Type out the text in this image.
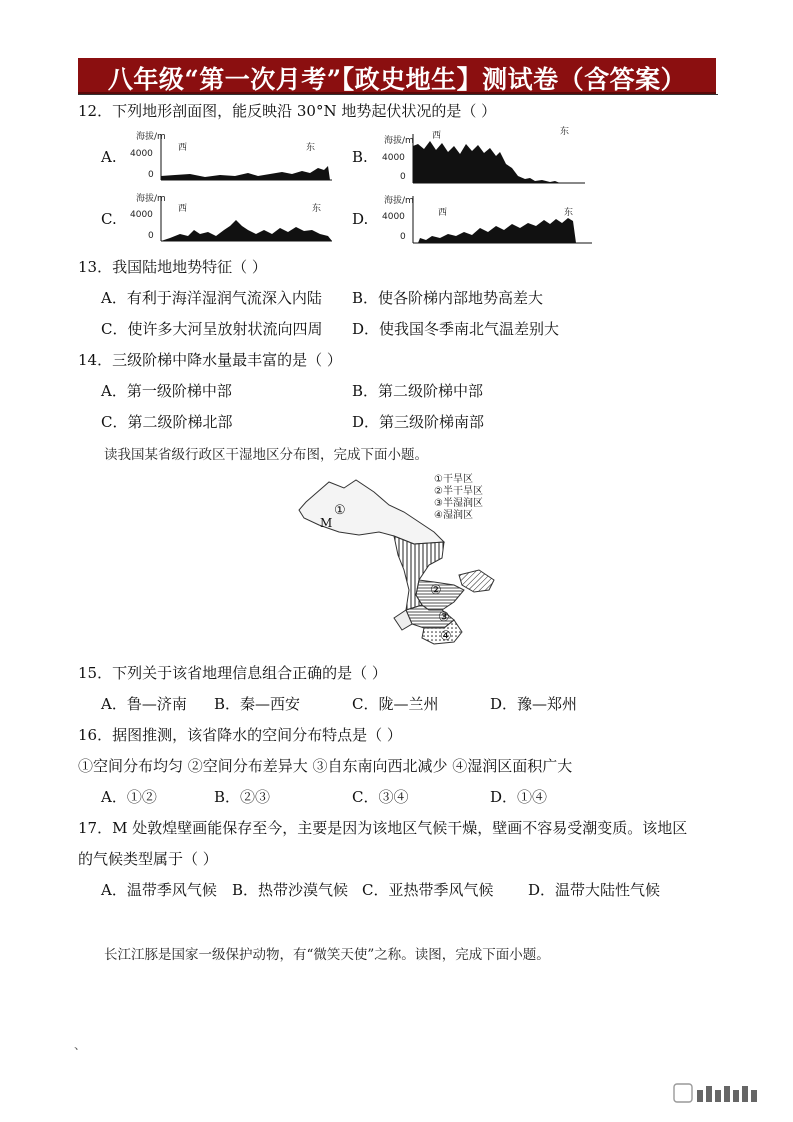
八年级“第一次月考”【政史地生】测试卷（含答案）
12．下列地形剖面图，能反映沿 30°N 地势起伏状况的是（ ）
A.
海拔/m
4000
0
西	东 B.
海拔/m
4000
0
西	东
C.
海拔/m
4000
0
西	东
D.
海拔/m
4000
0
西	东
13．我国陆地地势特征（ ）
A．有利于海洋湿润气流深入内陆 B．使各阶梯内部地势高差大
C．使许多大河呈放射状流向四周 D．使我国冬季南北气温差别大
14．三级阶梯中降水量最丰富的是（ ）
A．第一级阶梯中部	B．第二级阶梯中部
C．第二级阶梯北部	D．第三级阶梯南部
读我国某省级行政区干湿地区分布图，完成下面小题。
M
①
②
③
④
①干旱区
②半干旱区
③半湿润区
④湿润区
15．下列关于该省地理信息组合正确的是（ ）
A．鲁—济南 B．秦—西安	C．陇—兰州	D．豫—郑州
16．据图推测，该省降水的空间分布特点是（ ）
①空间分布均匀 ②空间分布差异大 ③自东南向西北减少 ④湿润区面积广大
A．①②	B．②③	C．③④	D．①④
17．M 处敦煌壁画能保存至今，主要是因为该地区气候干燥，壁画不容易受潮变质。该地区
的气候类型属于（ ）
A．温带季风气候 B．热带沙漠气候 C．亚热带季风气候 D．温带大陆性气候
长江江豚是国家一级保护动物，有“微笑天使”之称。读图，完成下面小题。
、
